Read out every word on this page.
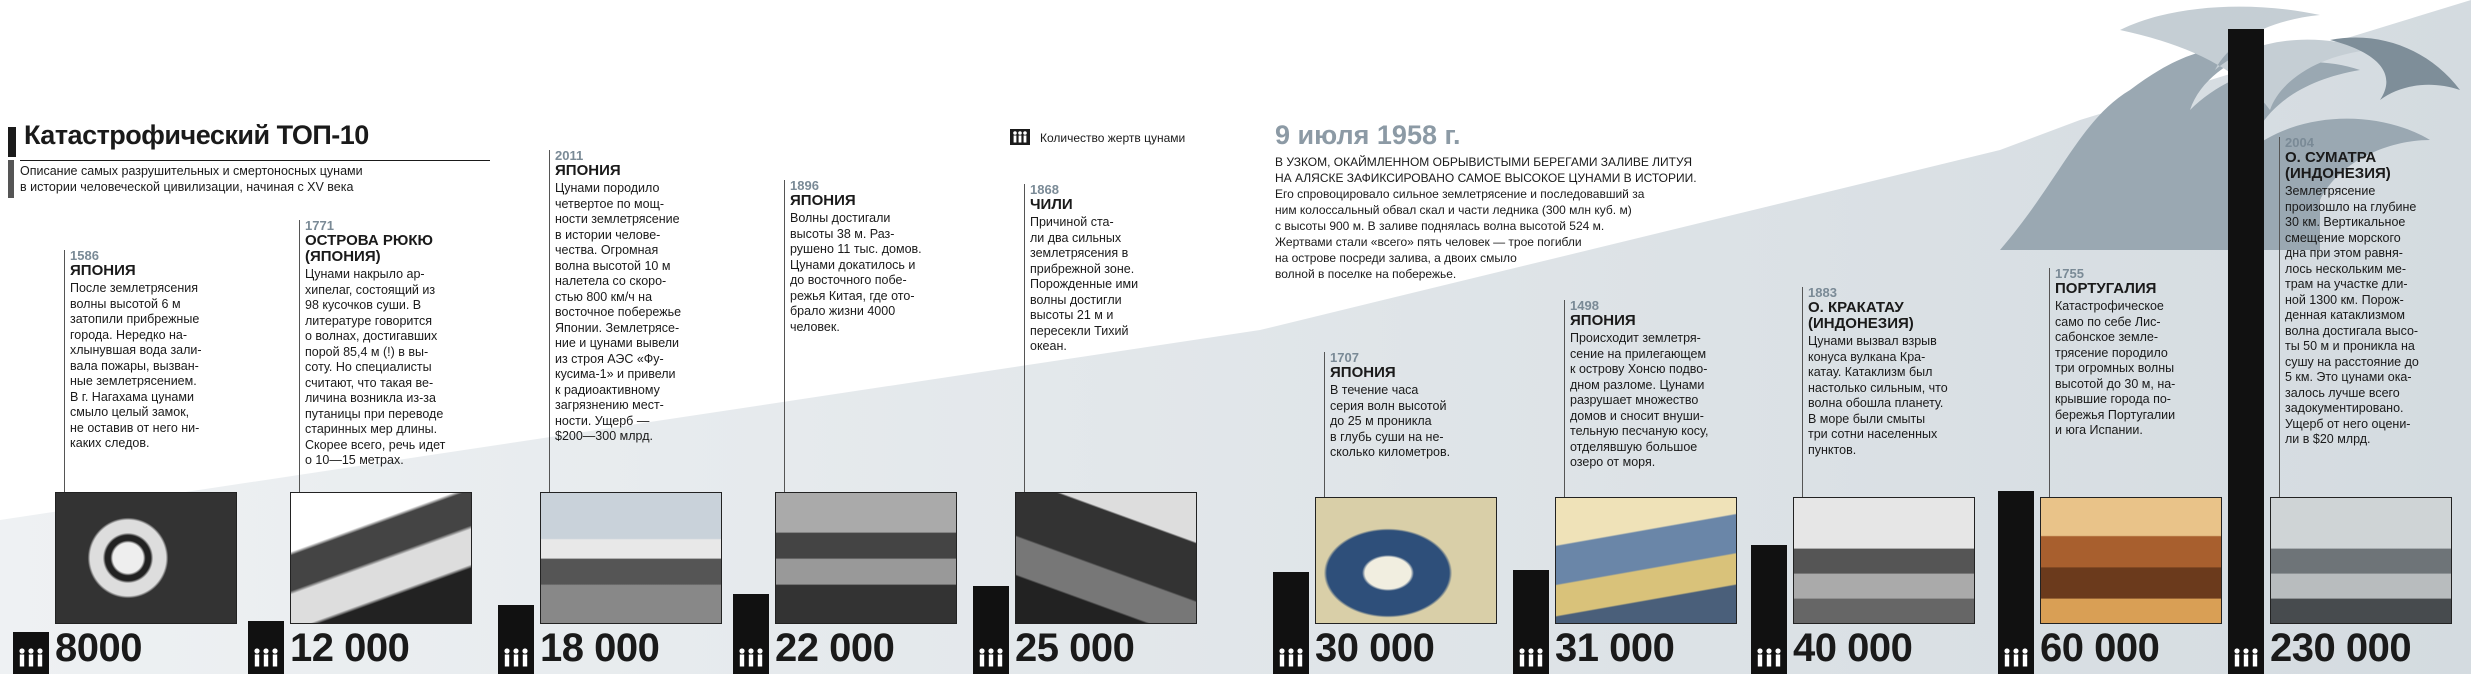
Катастрофический ТОП-10
Описание самых разрушительных и смертоносных цунами
в истории человеческой цивилизации, начиная с XV века
Количество жертв цунами	9 июля 1958 г.
В УЗКОМ, ОКАЙМЛЕННОМ ОБРЫВИСТЫМИ БЕРЕГАМИ ЗАЛИВЕ ЛИТУЯ
НА АЛЯСКЕ ЗАФИКСИРОВАНО САМОЕ ВЫСОКОЕ ЦУНАМИ В ИСТОРИИ.
Его спровоцировало сильное землетрясение и последовавший за
ним колоссальный обвал скал и части ледника (300 млн куб. м)
с высоты 900 м. В заливе поднялась волна высотой 524 м.
Жертвами стали «всего» пять человек — трое погибли
на острове посреди залива, а двоих смыло
волной в поселке на побережье.
1586
ЯПОНИЯ
После землетрясения
волны высотой 6 м
затопили прибрежные
города. Нередко на-
хлынувшая вода зали-
вала пожары, вызван-
ные землетрясением.
В г. Нагахама цунами
смыло целый замок,
не оставив от него ни-
каких следов.
8000
1771
ОСТРОВА РЮКЮ
(ЯПОНИЯ)
Цунами накрыло ар-
хипелаг, состоящий из
98 кусочков суши. В
литературе говорится
о волнах, достигавших
порой 85,4 м (!) в вы-
соту. Но специалисты
считают, что такая ве-
личина возникла из-за
путаницы при переводе
старинных мер длины.
Скорее всего, речь идет
о 10—15 метрах.
12 000
2011
ЯПОНИЯ
Цунами породило
четвертое по мощ-
ности землетрясение
в истории челове-
чества. Огромная
волна высотой 10 м
налетела со скоро-
стью 800 км/ч на
восточное побережье
Японии. Землетрясе-
ние и цунами вывели
из строя АЭС «Фу-
кусима-1» и привели
к радиоактивному
загрязнению мест-
ности. Ущерб —
$200—300 млрд.
18 000
1896
ЯПОНИЯ
Волны достигали
высоты 38 м. Раз-
рушено 11 тыс. домов.
Цунами докатилось и
до восточного побе-
режья Китая, где ото-
брало жизни 4000
человек.
22 000
1868
ЧИЛИ
Причиной ста-
ли два сильных
землетрясения в
прибрежной зоне.
Порожденные ими
волны достигли
высоты 21 м и
пересекли Тихий
океан.
25 000
1707
ЯПОНИЯ
В течение часа
серия волн высотой
до 25 м проникла
в глубь суши на не-
сколько километров.
30 000
1498
ЯПОНИЯ
Происходит землетря-
сение на прилегающем
к острову Хонсю подво-
дном разломе. Цунами
разрушает множество
домов и сносит внуши-
тельную песчаную косу,
отделявшую большое
озеро от моря.
31 000
1883
О. КРАКАТАУ
(ИНДОНЕЗИЯ)
Цунами вызвал взрыв
конуса вулкана Кра-
катау. Катаклизм был
настолько сильным, что
волна обошла планету.
В море были смыты
три сотни населенных
пунктов.
40 000
1755
ПОРТУГАЛИЯ
Катастрофическое
само по себе Лис-
сабонское земле-
трясение породило
три огромных волны
высотой до 30 м, на-
крывшие города по-
бережья Португалии
и юга Испании.
60 000
2004
О. СУМАТРА
(ИНДОНЕЗИЯ)
Землетрясение
произошло на глубине
30 км. Вертикальное
смещение морского
дна при этом равня-
лось нескольким ме-
трам на участке дли-
ной 1300 км. Порож-
денная катаклизмом
волна достигала высо-
ты 50 м и проникла на
сушу на расстояние до
5 км. Это цунами ока-
залось лучше всего
задокументировано.
Ущерб от него оцени-
ли в $20 млрд.
230 000
